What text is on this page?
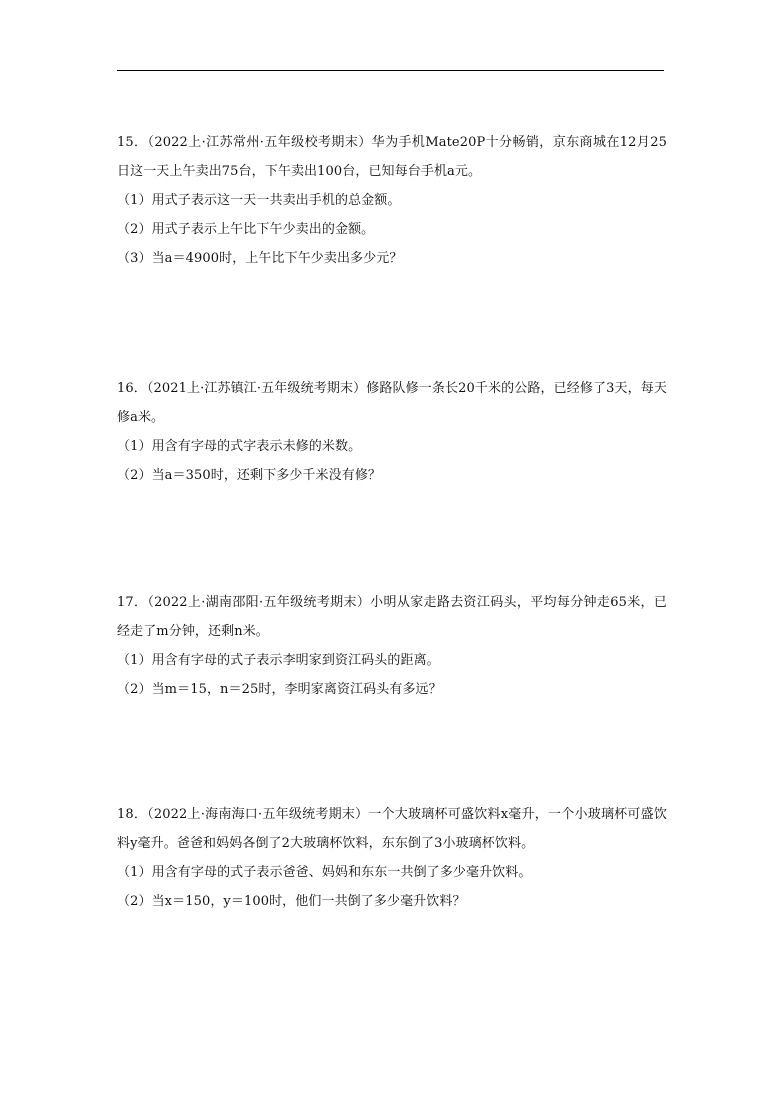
15．（2022上·江苏常州·五年级校考期末）华为手机Mate20P十分畅销，京东商城在12月25日这一天上午卖出75台，下午卖出100台，已知每台手机a元。
（1）用式子表示这一天一共卖出手机的总金额。
（2）用式子表示上午比下午少卖出的金额。
（3）当a＝4900时，上午比下午少卖出多少元？
16．（2021上·江苏镇江·五年级统考期末）修路队修一条长20千米的公路，已经修了3天，每天修a米。
（1）用含有字母的式字表示未修的米数。
（2）当a＝350时，还剩下多少千米没有修？
17．（2022上·湖南邵阳·五年级统考期末）小明从家走路去资江码头，平均每分钟走65米，已经走了m分钟，还剩n米。
（1）用含有字母的式子表示李明家到资江码头的距离。
（2）当m＝15，n＝25时，李明家离资江码头有多远？
18．（2022上·海南海口·五年级统考期末）一个大玻璃杯可盛饮料x毫升，一个小玻璃杯可盛饮料y毫升。爸爸和妈妈各倒了2大玻璃杯饮料，东东倒了3小玻璃杯饮料。
（1）用含有字母的式子表示爸爸、妈妈和东东一共倒了多少毫升饮料。
（2）当x＝150，y＝100时，他们一共倒了多少毫升饮料？
